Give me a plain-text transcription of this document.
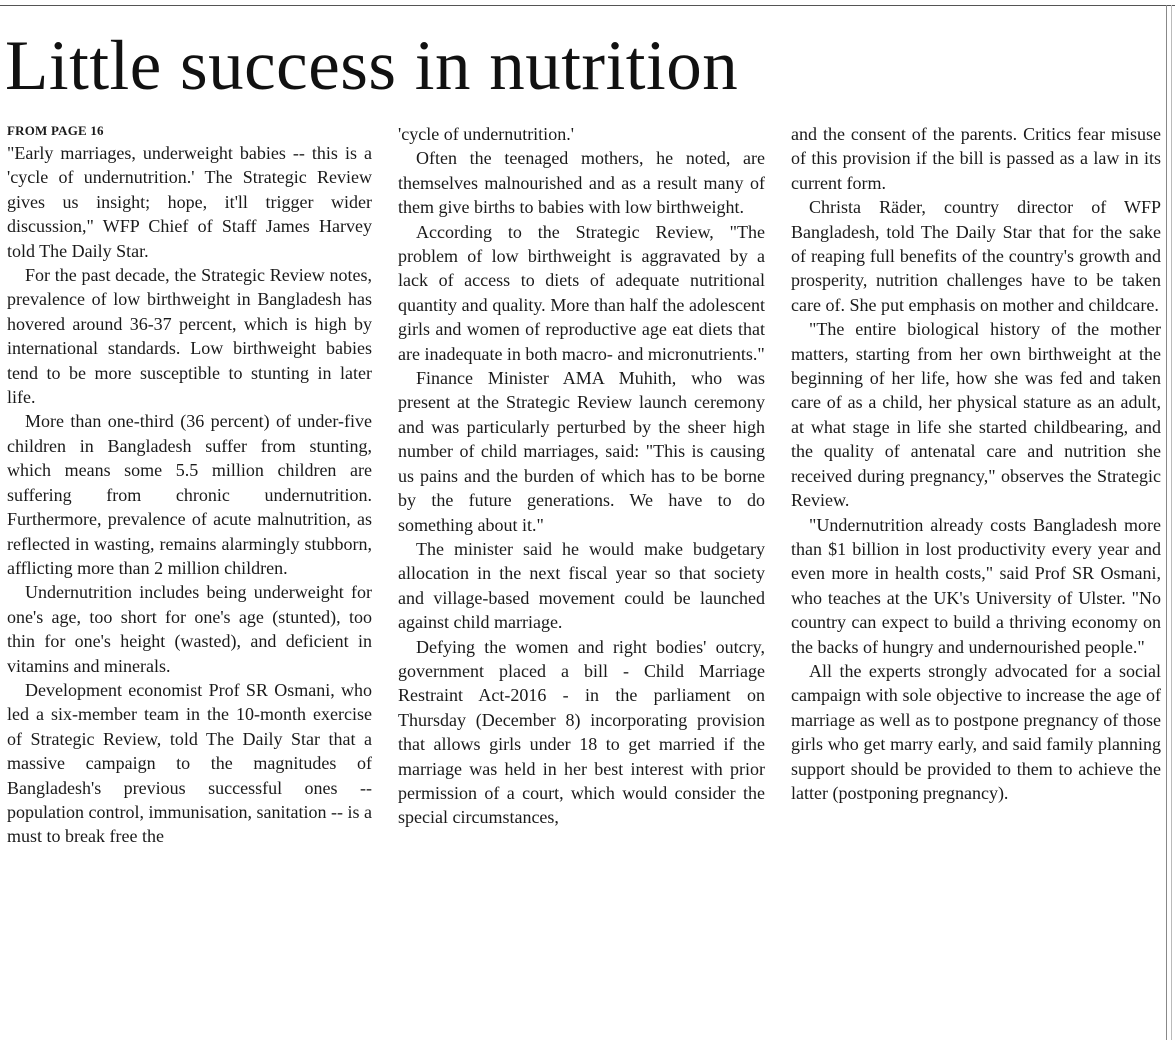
Little success in nutrition
FROM PAGE 16

"Early marriages, underweight babies -- this is a 'cycle of undernutrition.' The Strategic Review gives us insight; hope, it'll trigger wider discussion," WFP Chief of Staff James Harvey told The Daily Star.

For the past decade, the Strategic Review notes, prevalence of low birthweight in Bangladesh has hovered around 36-37 percent, which is high by international standards. Low birthweight babies tend to be more susceptible to stunting in later life.

More than one-third (36 percent) of under-five children in Bangladesh suffer from stunting, which means some 5.5 million children are suffering from chronic undernutrition. Furthermore, prevalence of acute malnutrition, as reflected in wasting, remains alarmingly stubborn, afflicting more than 2 million children.

Undernutrition includes being underweight for one's age, too short for one's age (stunted), too thin for one's height (wasted), and deficient in vitamins and minerals.

Development economist Prof SR Osmani, who led a six-member team in the 10-month exercise of Strategic Review, told The Daily Star that a massive campaign to the magnitudes of Bangladesh's previous successful ones -- population control, immunisation, sanitation -- is a must to break free the

'cycle of undernutrition.'

Often the teenaged mothers, he noted, are themselves malnourished and as a result many of them give births to babies with low birthweight.

According to the Strategic Review, "The problem of low birthweight is aggravated by a lack of access to diets of adequate nutritional quantity and quality. More than half the adolescent girls and women of reproductive age eat diets that are inadequate in both macro- and micronutrients."

Finance Minister AMA Muhith, who was present at the Strategic Review launch ceremony and was particularly perturbed by the sheer high number of child marriages, said: "This is causing us pains and the burden of which has to be borne by the future generations. We have to do something about it."

The minister said he would make budgetary allocation in the next fiscal year so that society and village-based movement could be launched against child marriage.

Defying the women and right bodies' outcry, government placed a bill - Child Marriage Restraint Act-2016 - in the parliament on Thursday (December 8) incorporating provision that allows girls under 18 to get married if the marriage was held in her best interest with prior permission of a court, which would consider the special circumstances,

and the consent of the parents. Critics fear misuse of this provision if the bill is passed as a law in its current form.

Christa Räder, country director of WFP Bangladesh, told The Daily Star that for the sake of reaping full benefits of the country's growth and prosperity, nutrition challenges have to be taken care of. She put emphasis on mother and childcare.

"The entire biological history of the mother matters, starting from her own birthweight at the beginning of her life, how she was fed and taken care of as a child, her physical stature as an adult, at what stage in life she started childbearing, and the quality of antenatal care and nutrition she received during pregnancy," observes the Strategic Review.

"Undernutrition already costs Bangladesh more than $1 billion in lost productivity every year and even more in health costs," said Prof SR Osmani, who teaches at the UK's University of Ulster. "No country can expect to build a thriving economy on the backs of hungry and undernourished people."

All the experts strongly advocated for a social campaign with sole objective to increase the age of marriage as well as to postpone pregnancy of those girls who get marry early, and said family planning support should be provided to them to achieve the latter (postponing pregnancy).
